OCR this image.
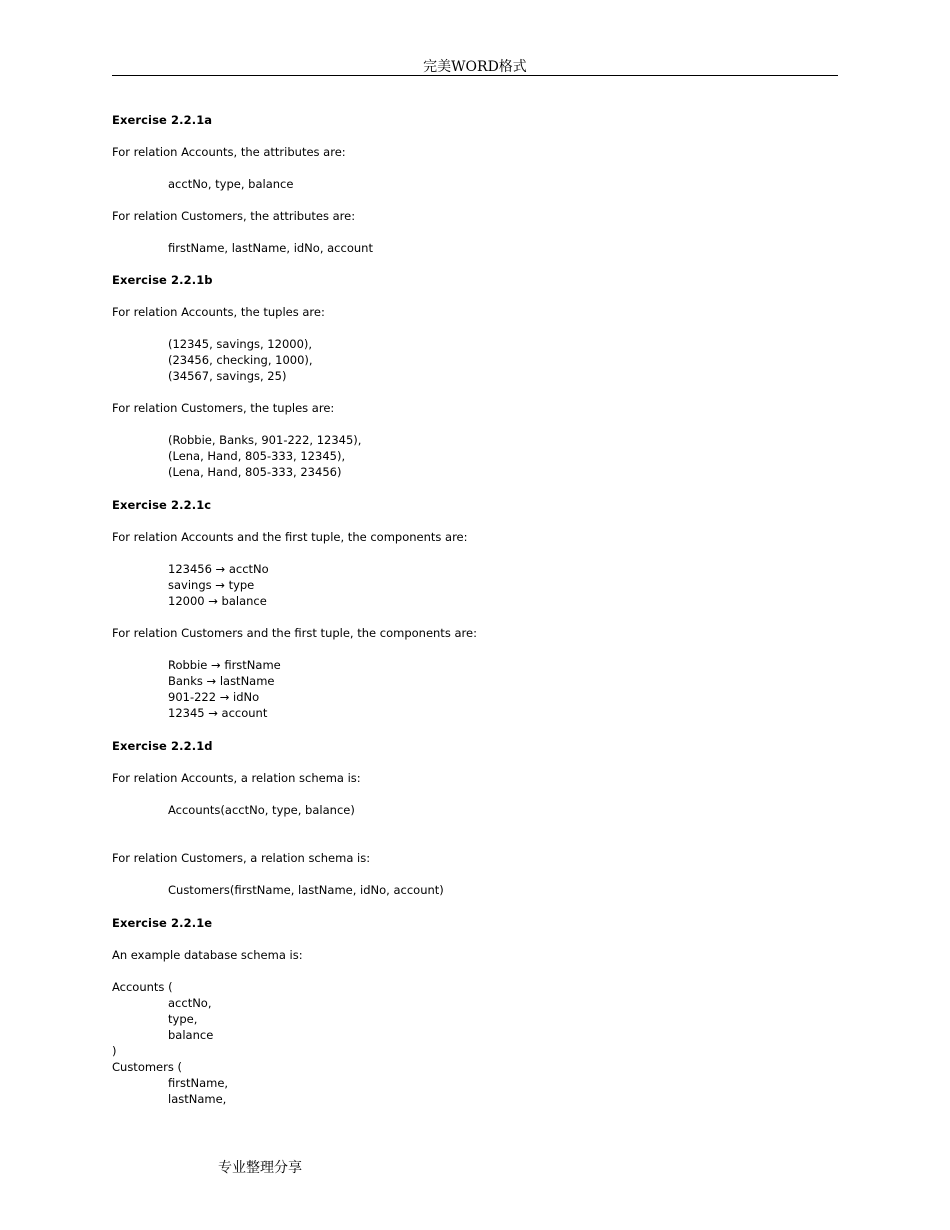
完美WORD格式
Exercise 2.2.1a
For relation Accounts, the attributes are:
acctNo, type, balance
For relation Customers, the attributes are:
firstName, lastName, idNo, account
Exercise 2.2.1b
For relation Accounts, the tuples are:
(12345, savings, 12000),
(23456, checking, 1000),
(34567, savings, 25)
For relation Customers, the tuples are:
(Robbie, Banks, 901-222, 12345),
(Lena, Hand, 805-333, 12345),
(Lena, Hand, 805-333, 23456)
Exercise 2.2.1c
For relation Accounts and the first tuple, the components are:
123456 → acctNo
savings → type
12000 → balance
For relation Customers and the first tuple, the components are:
Robbie → firstName
Banks → lastName
901-222 → idNo
12345 → account
Exercise 2.2.1d
For relation Accounts, a relation schema is:
Accounts(acctNo, type, balance)
For relation Customers, a relation schema is:
Customers(firstName, lastName, idNo, account)
Exercise 2.2.1e
An example database schema is:
Accounts (
acctNo,
type,
balance
)
Customers (
firstName,
lastName,
专业整理分享
